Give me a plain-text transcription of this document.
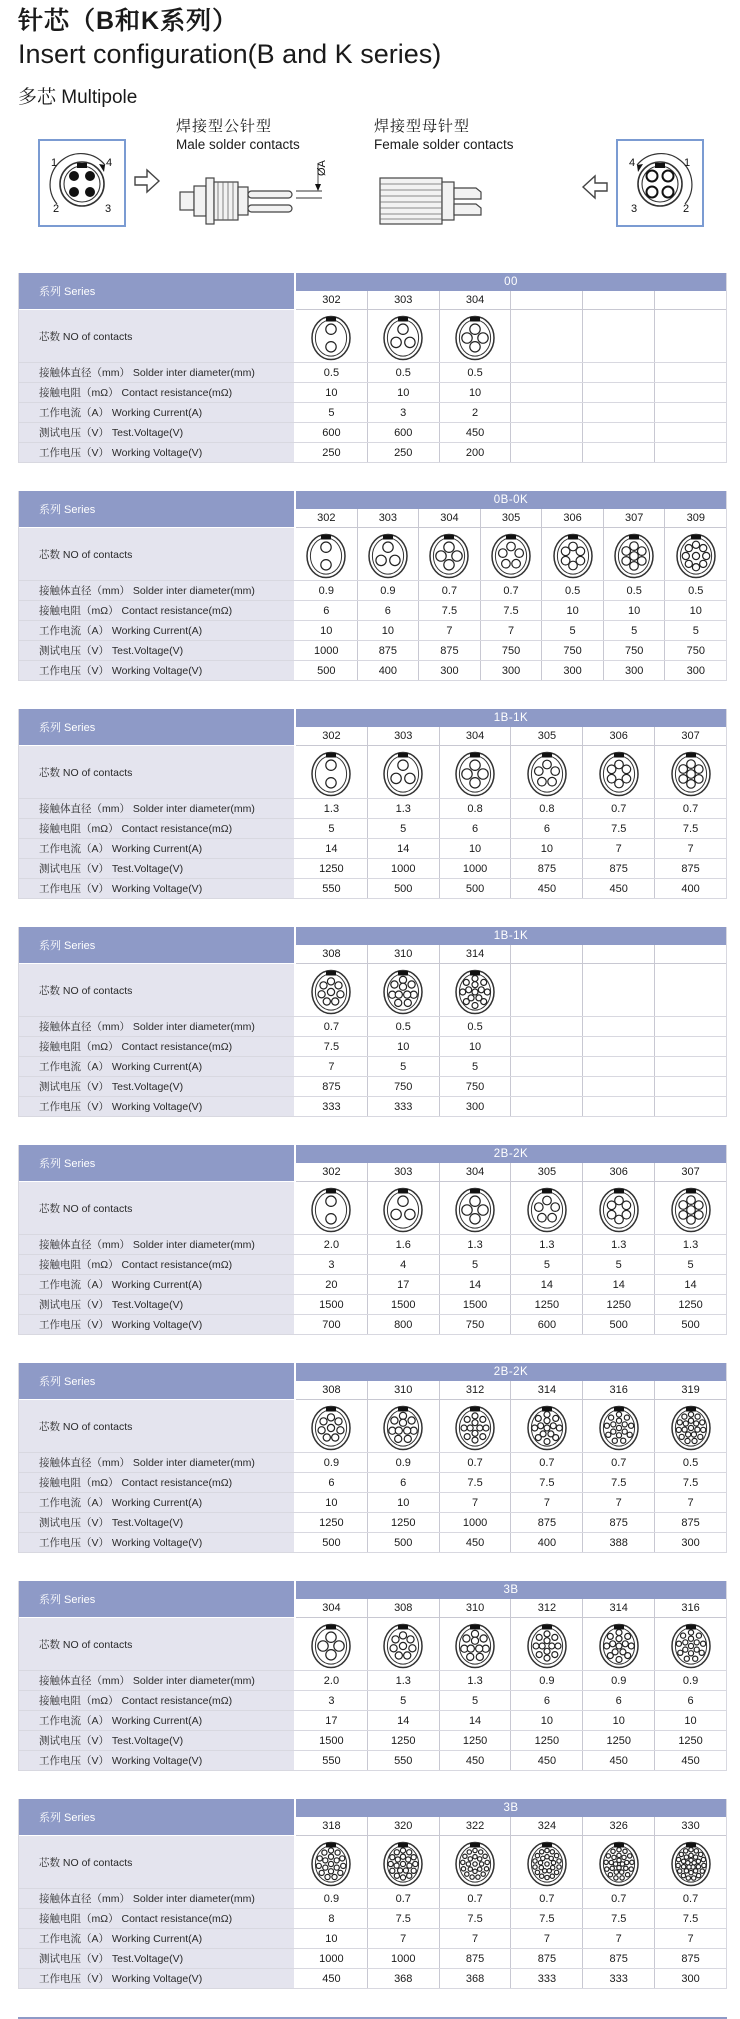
针芯（B和K系列）
Insert configuration(B and K series)
多芯 Multipole
1	4
2	3
焊接型公针型
Male solder contacts
ØA
焊接型母针型
Female solder contacts
4	1
3	2
系列 Series
00
302	303	304
芯数 NO of contacts
接触体直径（mm） Solder inter diameter(mm)	0.5	0.5	0.5
接触电阻（mΩ） Contact resistance(mΩ)	10	10	10
工作电流（A） Working Current(A)	5	3	2
测试电压（V） Test.Voltage(V)	600	600	450
工作电压（V） Working Voltage(V)	250	250	200
系列 Series
0B-0K
302	303	304	305	306	307	309
芯数 NO of contacts
接触体直径（mm） Solder inter diameter(mm)	0.9	0.9	0.7	0.7	0.5	0.5	0.5
接触电阻（mΩ） Contact resistance(mΩ)	6	6	7.5	7.5	10	10	10
工作电流（A） Working Current(A)	10	10	7	7	5	5	5
测试电压（V） Test.Voltage(V)	1000	875	875	750	750	750	750
工作电压（V） Working Voltage(V)	500	400	300	300	300	300	300
系列 Series
1B-1K
302	303	304	305	306	307
芯数 NO of contacts
接触体直径（mm） Solder inter diameter(mm)	1.3	1.3	0.8	0.8	0.7	0.7
接触电阻（mΩ） Contact resistance(mΩ)	5	5	6	6	7.5	7.5
工作电流（A） Working Current(A)	14	14	10	10	7	7
测试电压（V） Test.Voltage(V)	1250	1000	1000	875	875	875
工作电压（V） Working Voltage(V)	550	500	500	450	450	400
系列 Series
1B-1K
308	310	314
芯数 NO of contacts
接触体直径（mm） Solder inter diameter(mm)	0.7	0.5	0.5
接触电阻（mΩ） Contact resistance(mΩ)	7.5	10	10
工作电流（A） Working Current(A)	7	5	5
测试电压（V） Test.Voltage(V)	875	750	750
工作电压（V） Working Voltage(V)	333	333	300
系列 Series
2B-2K
302	303	304	305	306	307
芯数 NO of contacts
接触体直径（mm） Solder inter diameter(mm)	2.0	1.6	1.3	1.3	1.3	1.3
接触电阻（mΩ） Contact resistance(mΩ)	3	4	5	5	5	5
工作电流（A） Working Current(A)	20	17	14	14	14	14
测试电压（V） Test.Voltage(V)	1500	1500	1500	1250	1250	1250
工作电压（V） Working Voltage(V)	700	800	750	600	500	500
系列 Series
2B-2K
308	310	312	314	316	319
芯数 NO of contacts
接触体直径（mm） Solder inter diameter(mm)	0.9	0.9	0.7	0.7	0.7	0.5
接触电阻（mΩ） Contact resistance(mΩ)	6	6	7.5	7.5	7.5	7.5
工作电流（A） Working Current(A)	10	10	7	7	7	7
测试电压（V） Test.Voltage(V)	1250	1250	1000	875	875	875
工作电压（V） Working Voltage(V)	500	500	450	400	388	300
系列 Series
3B
304	308	310	312	314	316
芯数 NO of contacts
接触体直径（mm） Solder inter diameter(mm)	2.0	1.3	1.3	0.9	0.9	0.9
接触电阻（mΩ） Contact resistance(mΩ)	3	5	5	6	6	6
工作电流（A） Working Current(A)	17	14	14	10	10	10
测试电压（V） Test.Voltage(V)	1500	1250	1250	1250	1250	1250
工作电压（V） Working Voltage(V)	550	550	450	450	450	450
系列 Series
3B
318	320	322	324	326	330
芯数 NO of contacts
接触体直径（mm） Solder inter diameter(mm)	0.9	0.7	0.7	0.7	0.7	0.7
接触电阻（mΩ） Contact resistance(mΩ)	8	7.5	7.5	7.5	7.5	7.5
工作电流（A） Working Current(A)	10	7	7	7	7	7
测试电压（V） Test.Voltage(V)	1000	1000	875	875	875	875
工作电压（V） Working Voltage(V)	450	368	368	333	333	300
